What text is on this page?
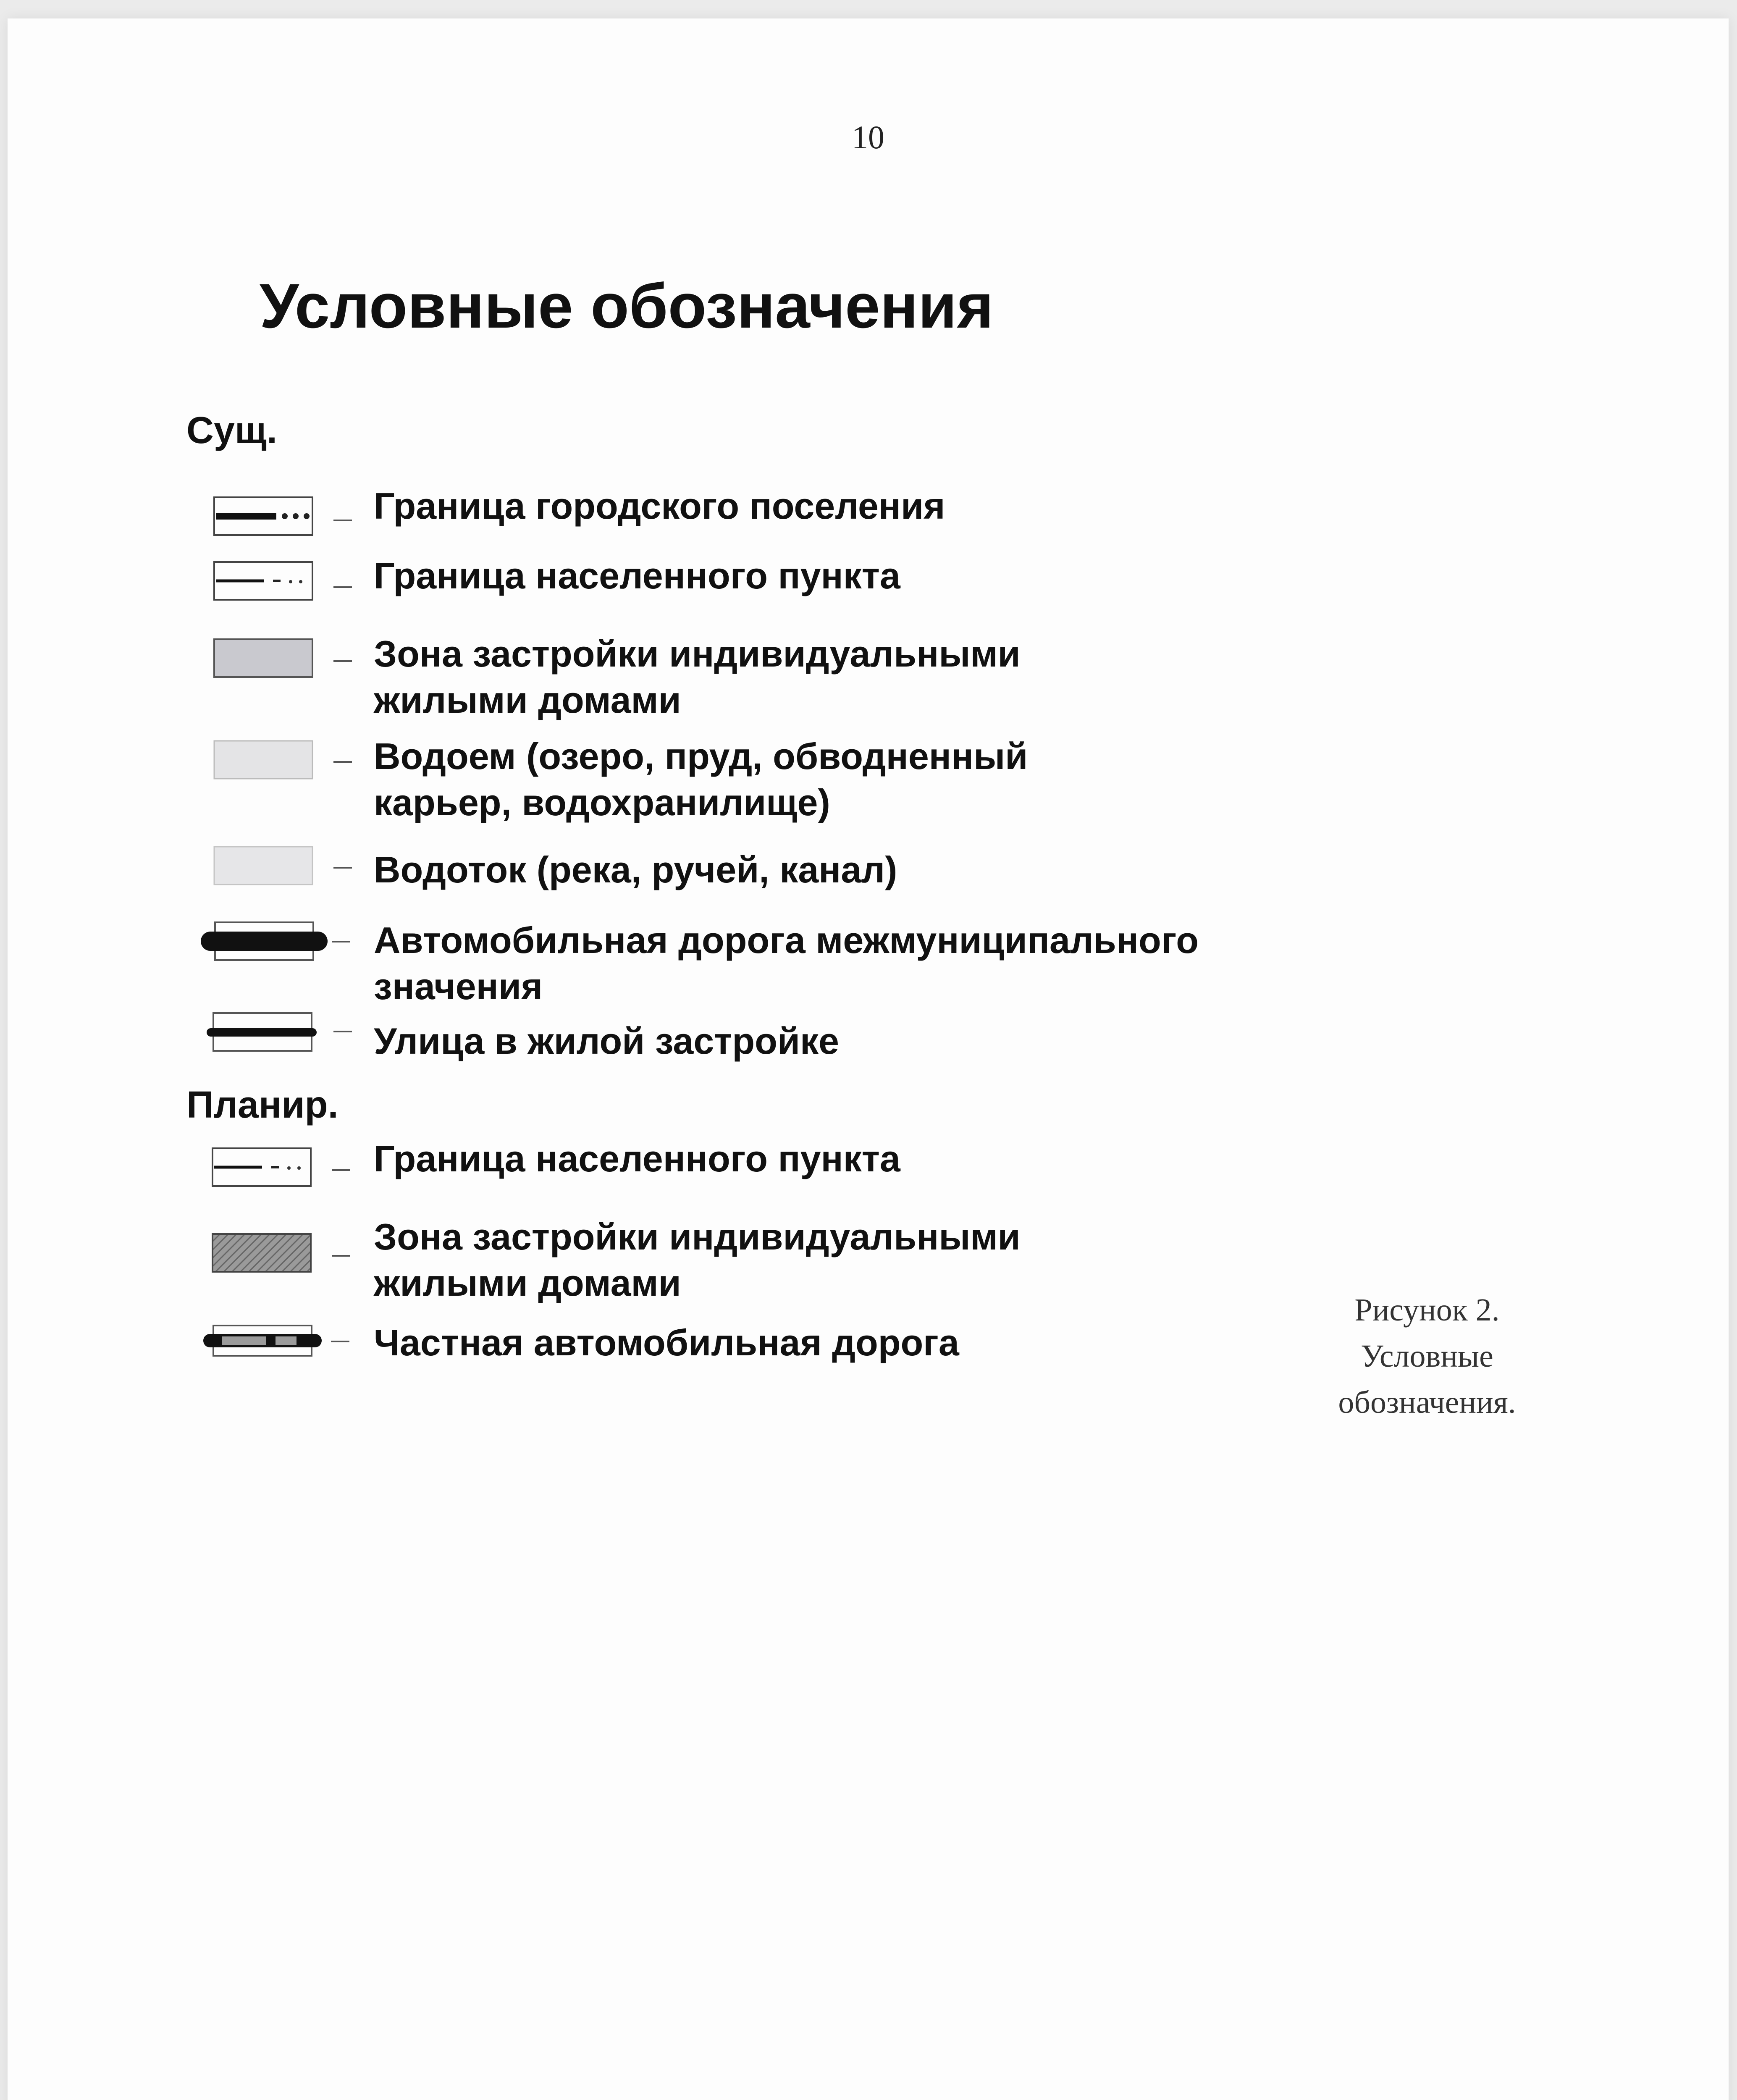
10
Условные обозначения
Сущ.
Граница городского поселения
Граница населенного пункта
Зона застройки индивидуальными
жилыми домами
Водоем (озеро, пруд, обводненный
карьер, водохранилище)
Водоток (река, ручей, канал)
Автомобильная дорога межмуниципального
значения
Улица в жилой застройке
Планир.
Граница населенного пункта
Зона застройки индивидуальными
жилыми домами
Частная автомобильная дорога
Рисунок 2.
Условные
обозначения.
